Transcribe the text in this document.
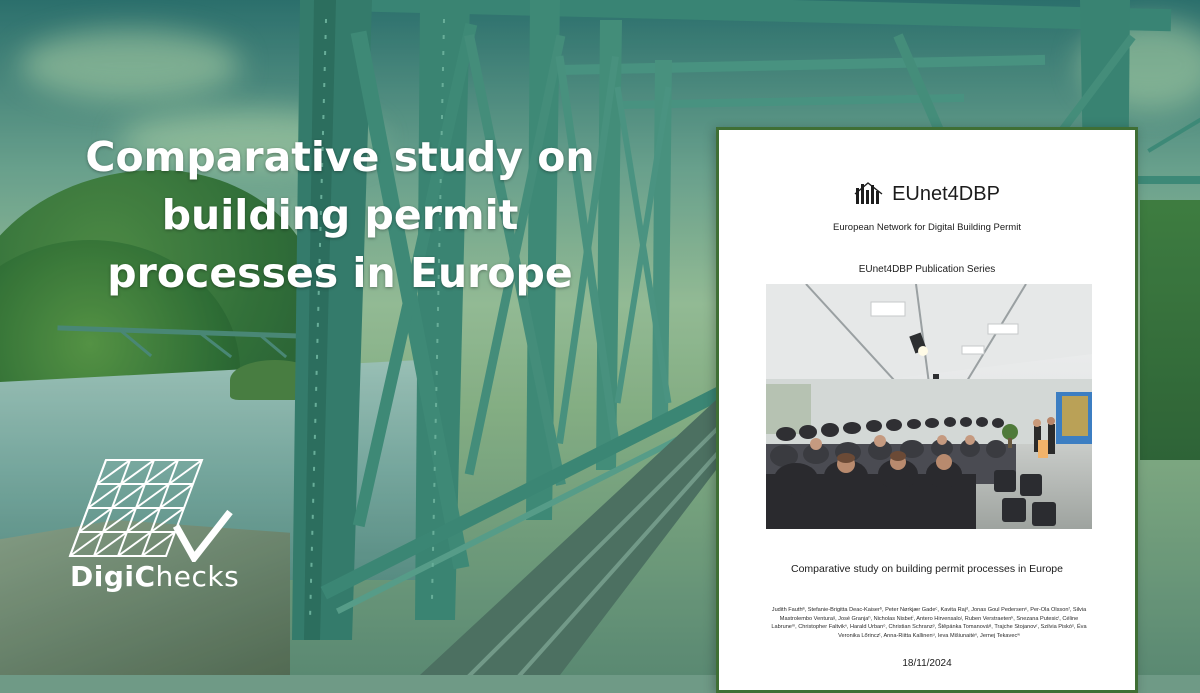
Comparative study on
building permit
processes in Europe
DigiChecks
EUnet4DBP
European Network for Digital Building Permit
EUnet4DBP Publication Series
Comparative study on building permit processes in Europe
Judith Fauthª, Stefanie-Brigitta Deac-Kaiserᵇ, Peter Nørkjær Gadeᶜ, Kavita Rajᵈ, Jonas Goul Pedersenᵉ, Per-Ola Olssonᶠ, Silvia Mastrolembo Venturaᵍ, José Granjaʰ, Nicholas Nisbetⁱ, Antero Hirvensaloʲ, Ruben Verstraetenᵏ, Snezana Putesicˡ, Céline Labruneᵐ, Christopher Faltvikⁿ, Harald Urbanᵒ, Christian Schranzᵖ, Štěpánka Tomanováᵠ, Trajche Stojanovʳ, Szilvia Piskóˢ, Éva Veronika Lőrinczᵗ, Anna-Riitta Kallinenᵘ, Ieva Mišiunaitėᵛ, Jernej Tekavecʷ
18/11/2024
